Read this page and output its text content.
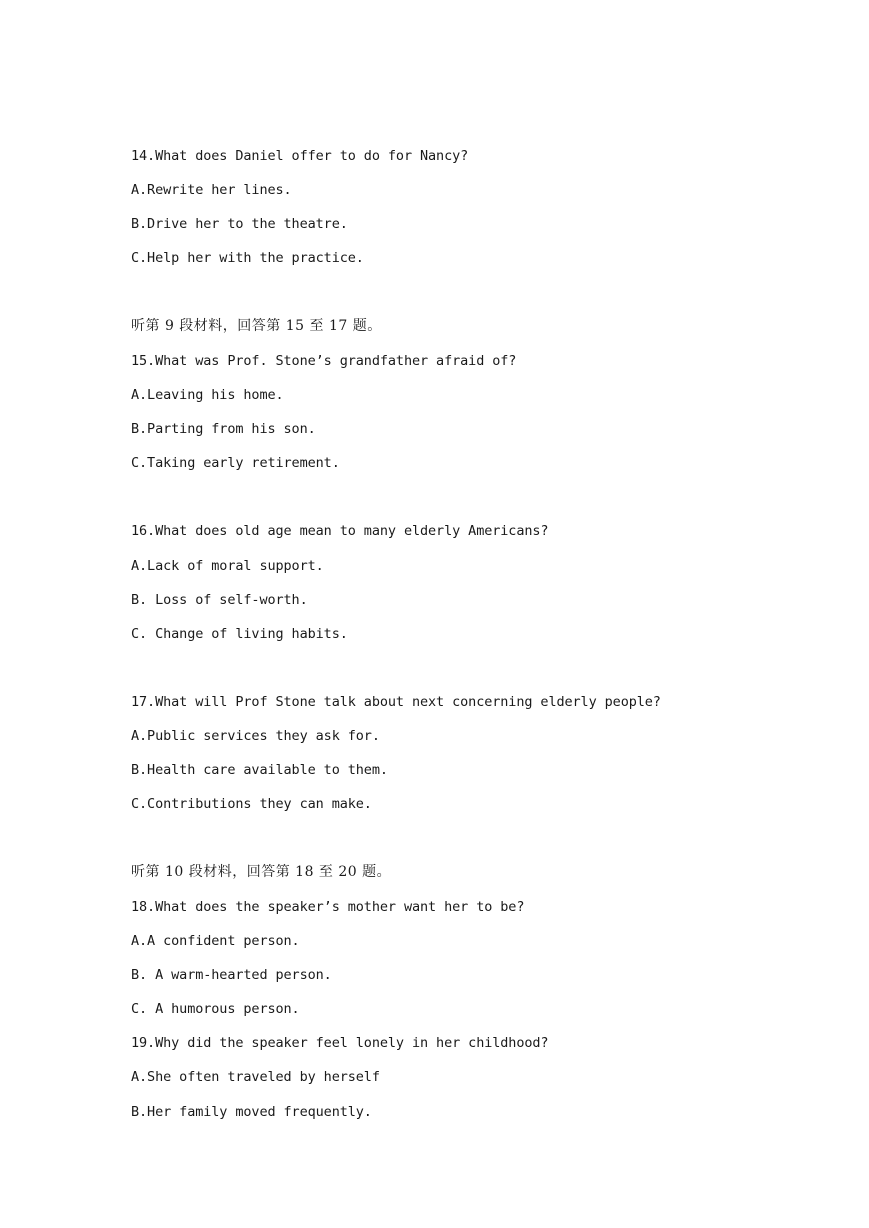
14.What does Daniel offer to do for Nancy?
A.Rewrite her lines.
B.Drive her to the theatre.
C.Help her with the practice.
听第 9 段材料，回答第 15 至 17 题。
15.What was Prof. Stone’s grandfather afraid of?
A.Leaving his home.
B.Parting from his son.
C.Taking early retirement.
16.What does old age mean to many elderly Americans?
A.Lack of moral support.
B. Loss of self-worth.
C. Change of living habits.
17.What will Prof Stone talk about next concerning elderly people?
A.Public services they ask for.
B.Health care available to them.
C.Contributions they can make.
听第 10 段材料，回答第 18 至 20 题。
18.What does the speaker’s mother want her to be?
A.A confident person.
B. A warm-hearted person.
C. A humorous person.
19.Why did the speaker feel lonely in her childhood?
A.She often traveled by herself
B.Her family moved frequently.
